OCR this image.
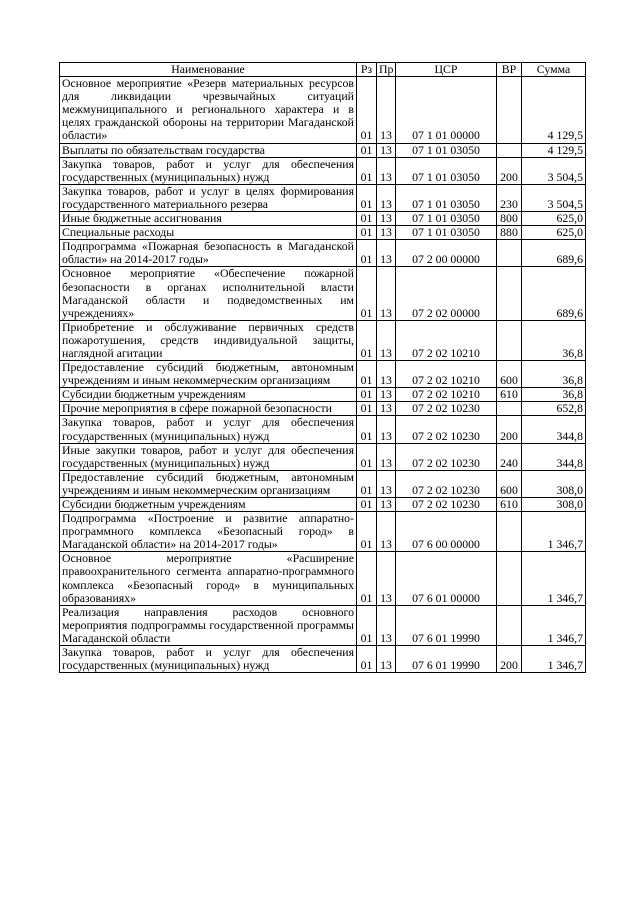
Наименование	Рз	Пр	ЦСР	ВР	Сумма
Основное мероприятие «Резерв материальных ресурсов для ликвидации чрезвычайных ситуаций межмуниципального и регионального характера и в целях гражданской обороны на территории Магаданской области»	01	13	07 1 01 00000		4 129,5
Выплаты по обязательствам государства	01	13	07 1 01 03050		4 129,5
Закупка товаров, работ и услуг для обеспечения государственных (муниципальных) нужд	01	13	07 1 01 03050	200	3 504,5
Закупка товаров, работ и услуг в целях формирования государственного материального резерва	01	13	07 1 01 03050	230	3 504,5
Иные бюджетные ассигнования	01	13	07 1 01 03050	800	625,0
Специальные расходы	01	13	07 1 01 03050	880	625,0
Подпрограмма «Пожарная безопасность в Магаданской области» на 2014-2017 годы»	01	13	07 2 00 00000		689,6
Основное мероприятие «Обеспечение пожарной безопасности в органах исполнительной власти Магаданской области и подведомственных им учреждениях»	01	13	07 2 02 00000		689,6
Приобретение и обслуживание первичных средств пожаротушения, средств индивидуальной защиты, наглядной агитации	01	13	07 2 02 10210		36,8
Предоставление субсидий бюджетным, автономным учреждениям и иным некоммерческим организациям	01	13	07 2 02 10210	600	36,8
Субсидии бюджетным учреждениям	01	13	07 2 02 10210	610	36,8
Прочие мероприятия в сфере пожарной безопасности	01	13	07 2 02 10230		652,8
Закупка товаров, работ и услуг для обеспечения государственных (муниципальных) нужд	01	13	07 2 02 10230	200	344,8
Иные закупки товаров, работ и услуг для обеспечения государственных (муниципальных) нужд	01	13	07 2 02 10230	240	344,8
Предоставление субсидий бюджетным, автономным учреждениям и иным некоммерческим организациям	01	13	07 2 02 10230	600	308,0
Субсидии бюджетным учреждениям	01	13	07 2 02 10230	610	308,0
Подпрограмма «Построение и развитие аппаратно-программного комплекса «Безопасный город» в Магаданской области» на 2014-2017 годы»	01	13	07 6 00 00000		1 346,7
Основное мероприятие «Расширение правоохранительного сегмента аппаратно-программного комплекса «Безопасный город» в муниципальных образованиях»	01	13	07 6 01 00000		1 346,7
Реализация направления расходов основного мероприятия подпрограммы государственной программы Магаданской области	01	13	07 6 01 19990		1 346,7
Закупка товаров, работ и услуг для обеспечения государственных (муниципальных) нужд	01	13	07 6 01 19990	200	1 346,7
